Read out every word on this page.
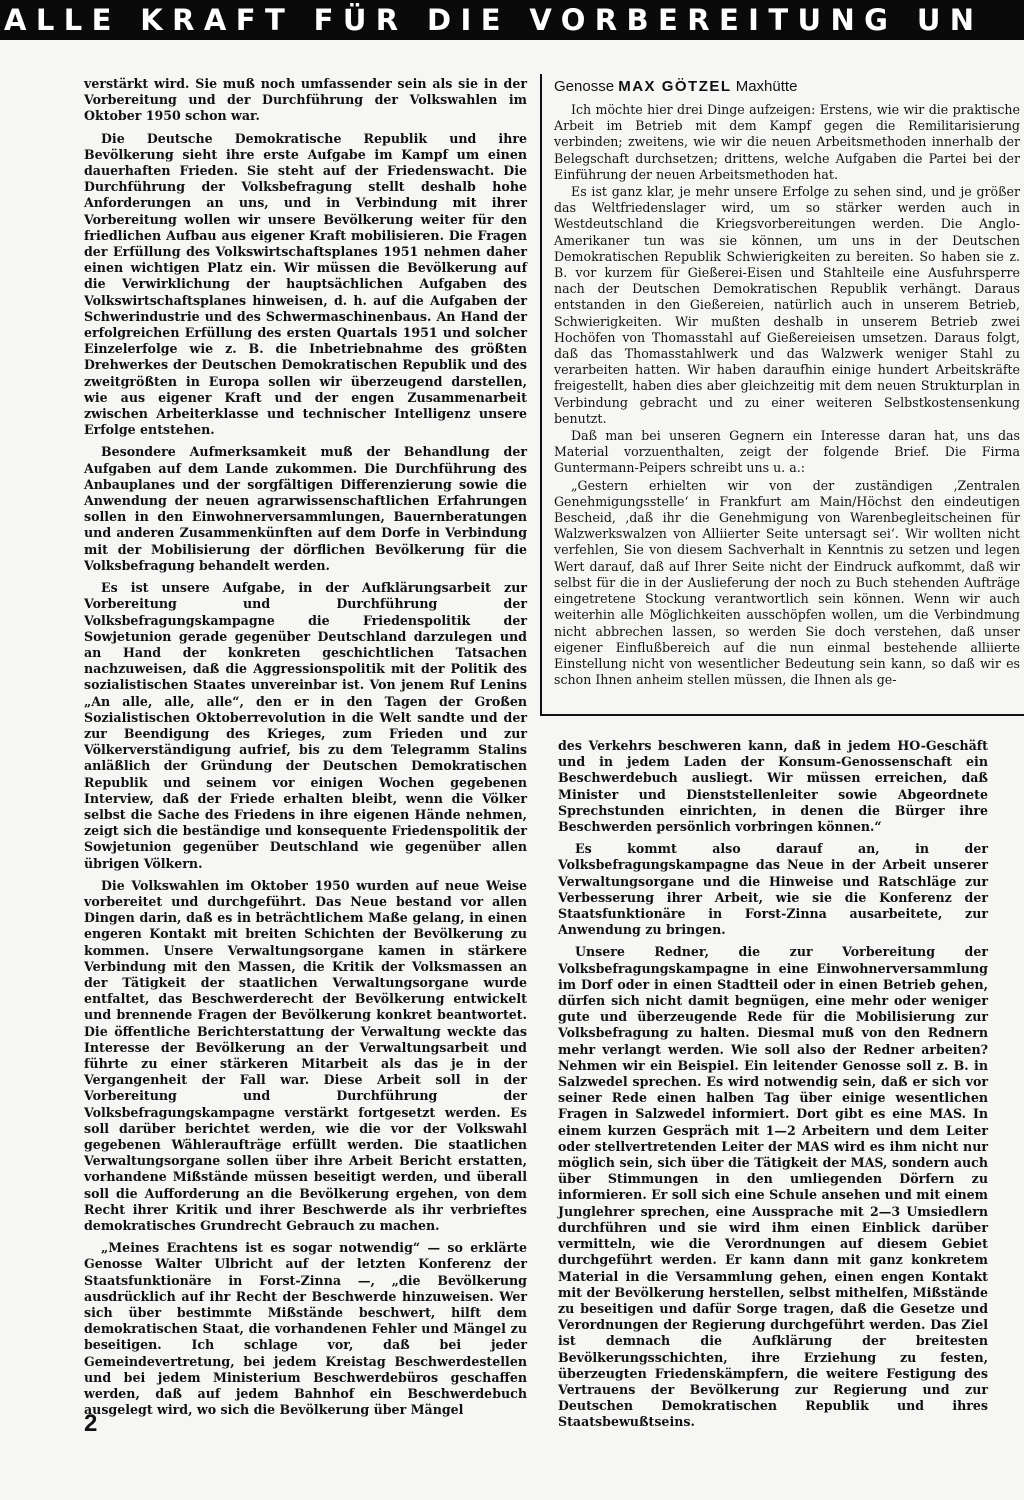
ALLE KRAFT FÜR DIE VORBEREITUNG UN

verstärkt wird. Sie muß noch umfassender sein als sie in der Vorbereitung und der Durchführung der Volkswahlen im Oktober 1950 schon war.

Die Deutsche Demokratische Republik und ihre Bevölkerung sieht ihre erste Aufgabe im Kampf um einen dauerhaften Frieden. Sie steht auf der Friedenswacht. Die Durchführung der Volksbefragung stellt deshalb hohe Anforderungen an uns, und in Verbindung mit ihrer Vorbereitung wollen wir unsere Bevölkerung weiter für den friedlichen Aufbau aus eigener Kraft mobilisieren. Die Fragen der Erfüllung des Volkswirtschaftsplanes 1951 nehmen daher einen wichtigen Platz ein. Wir müssen die Bevölkerung auf die Verwirklichung der hauptsächlichen Aufgaben des Volkswirtschaftsplanes hinweisen, d. h. auf die Aufgaben der Schwerindustrie und des Schwermaschinenbaus. An Hand der erfolgreichen Erfüllung des ersten Quartals 1951 und solcher Einzelerfolge wie z. B. die Inbetriebnahme des größten Drehwerkes der Deutschen Demokratischen Republik und des zweitgrößten in Europa sollen wir überzeugend darstellen, wie aus eigener Kraft und der engen Zusammenarbeit zwischen Arbeiterklasse und technischer Intelligenz unsere Erfolge entstehen.

Besondere Aufmerksamkeit muß der Behandlung der Aufgaben auf dem Lande zukommen. Die Durchführung des Anbauplanes und der sorgfältigen Differenzierung sowie die Anwendung der neuen agrarwissenschaftlichen Erfahrungen sollen in den Einwohnerversammlungen, Bauernberatungen und anderen Zusammenkünften auf dem Dorfe in Verbindung mit der Mobilisierung der dörflichen Bevölkerung für die Volksbefragung behandelt werden.

Es ist unsere Aufgabe, in der Aufklärungsarbeit zur Vorbereitung und Durchführung der Volksbefragungskampagne die Friedenspolitik der Sowjetunion gerade gegenüber Deutschland darzulegen und an Hand der konkreten geschichtlichen Tatsachen nachzuweisen, daß die Aggressionspolitik mit der Politik des sozialistischen Staates unvereinbar ist. Von jenem Ruf Lenins „An alle, alle, alle“, den er in den Tagen der Großen Sozialistischen Oktoberrevolution in die Welt sandte und der zur Beendigung des Krieges, zum Frieden und zur Völkerverständigung aufrief, bis zu dem Telegramm Stalins anläßlich der Gründung der Deutschen Demokratischen Republik und seinem vor einigen Wochen gegebenen Interview, daß der Friede erhalten bleibt, wenn die Völker selbst die Sache des Friedens in ihre eigenen Hände nehmen, zeigt sich die beständige und konsequente Friedenspolitik der Sowjetunion gegenüber Deutschland wie gegenüber allen übrigen Völkern.

Die Volkswahlen im Oktober 1950 wurden auf neue Weise vorbereitet und durchgeführt. Das Neue bestand vor allen Dingen darin, daß es in beträchtlichem Maße gelang, in einen engeren Kontakt mit breiten Schichten der Bevölkerung zu kommen. Unsere Verwaltungsorgane kamen in stärkere Verbindung mit den Massen, die Kritik der Volksmassen an der Tätigkeit der staatlichen Verwaltungsorgane wurde entfaltet, das Beschwerderecht der Bevölkerung entwickelt und brennende Fragen der Bevölkerung konkret beantwortet. Die öffentliche Berichterstattung der Verwaltung weckte das Interesse der Bevölkerung an der Verwaltungsarbeit und führte zu einer stärkeren Mitarbeit als das je in der Vergangenheit der Fall war. Diese Arbeit soll in der Vorbereitung und Durchführung der Volksbefragungskampagne verstärkt fortgesetzt werden. Es soll darüber berichtet werden, wie die vor der Volkswahl gegebenen Wähleraufträge erfüllt werden. Die staatlichen Verwaltungsorgane sollen über ihre Arbeit Bericht erstatten, vorhandene Mißstände müssen beseitigt werden, und überall soll die Aufforderung an die Bevölkerung ergehen, von dem Recht ihrer Kritik und ihrer Beschwerde als ihr verbrieftes demokratisches Grundrecht Gebrauch zu machen.

„Meines Erachtens ist es sogar notwendig“ — so erklärte Genosse Walter Ulbricht auf der letzten Konferenz der Staatsfunktionäre in Forst-Zinna —, „die Bevölkerung ausdrücklich auf ihr Recht der Beschwerde hinzuweisen. Wer sich über bestimmte Mißstände beschwert, hilft dem demokratischen Staat, die vorhandenen Fehler und Mängel zu beseitigen. Ich schlage vor, daß bei jeder Gemeindevertretung, bei jedem Kreistag Beschwerdestellen und bei jedem Ministerium Beschwerdebüros geschaffen werden, daß auf jedem Bahnhof ein Beschwerdebuch ausgelegt wird, wo sich die Bevölkerung über Mängel

Genosse MAX GÖTZEL Maxhütte

Ich möchte hier drei Dinge aufzeigen: Erstens, wie wir die praktische Arbeit im Betrieb mit dem Kampf gegen die Remilitarisierung verbinden; zweitens, wie wir die neuen Arbeitsmethoden innerhalb der Belegschaft durchsetzen; drittens, welche Aufgaben die Partei bei der Einführung der neuen Arbeitsmethoden hat.

Es ist ganz klar, je mehr unsere Erfolge zu sehen sind, und je größer das Weltfriedenslager wird, um so stärker werden auch in Westdeutschland die Kriegsvorbereitungen werden. Die Anglo-Amerikaner tun was sie können, um uns in der Deutschen Demokratischen Republik Schwierigkeiten zu bereiten. So haben sie z. B. vor kurzem für Gießerei-Eisen und Stahlteile eine Ausfuhrsperre nach der Deutschen Demokratischen Republik verhängt. Daraus entstanden in den Gießereien, natürlich auch in unserem Betrieb, Schwierigkeiten. Wir mußten deshalb in unserem Betrieb zwei Hochöfen von Thomasstahl auf Gießereieisen umsetzen. Daraus folgt, daß das Thomasstahlwerk und das Walzwerk weniger Stahl zu verarbeiten hatten. Wir haben daraufhin einige hundert Arbeitskräfte freigestellt, haben dies aber gleichzeitig mit dem neuen Strukturplan in Verbindung gebracht und zu einer weiteren Selbstkostensenkung benutzt.

Daß man bei unseren Gegnern ein Interesse daran hat, uns das Material vorzuenthalten, zeigt der folgende Brief. Die Firma Guntermann-Peipers schreibt uns u. a.:

„Gestern erhielten wir von der zuständigen ‚Zentralen Genehmigungsstelle‘ in Frankfurt am Main/Höchst den eindeutigen Bescheid, ‚daß ihr die Genehmigung von Warenbegleitscheinen für Walzwerkswalzen von Alliierter Seite untersagt sei‘. Wir wollten nicht verfehlen, Sie von diesem Sachverhalt in Kenntnis zu setzen und legen Wert darauf, daß auf Ihrer Seite nicht der Eindruck aufkommt, daß wir selbst für die in der Auslieferung der noch zu Buch stehenden Aufträge eingetretene Stockung verantwortlich sein können. Wenn wir auch weiterhin alle Möglichkeiten ausschöpfen wollen, um die Verbindmung nicht abbrechen lassen, so werden Sie doch verstehen, daß unser eigener Einflußbereich auf die nun einmal bestehende alliierte Einstellung nicht von wesentlicher Bedeutung sein kann, so daß wir es schon Ihnen anheim stellen müssen, die Ihnen als ge-

des Verkehrs beschweren kann, daß in jedem HO-Geschäft und in jedem Laden der Konsum-Genossenschaft ein Beschwerdebuch ausliegt. Wir müssen erreichen, daß Minister und Dienststellenleiter sowie Abgeordnete Sprechstunden einrichten, in denen die Bürger ihre Beschwerden persönlich vorbringen können.“

Es kommt also darauf an, in der Volksbefragungskampagne das Neue in der Arbeit unserer Verwaltungsorgane und die Hinweise und Ratschläge zur Verbesserung ihrer Arbeit, wie sie die Konferenz der Staatsfunktionäre in Forst-Zinna ausarbeitete, zur Anwendung zu bringen.

Unsere Redner, die zur Vorbereitung der Volksbefragungskampagne in eine Einwohnerversammlung im Dorf oder in einen Stadtteil oder in einen Betrieb gehen, dürfen sich nicht damit begnügen, eine mehr oder weniger gute und überzeugende Rede für die Mobilisierung zur Volksbefragung zu halten. Diesmal muß von den Rednern mehr verlangt werden. Wie soll also der Redner arbeiten? Nehmen wir ein Beispiel. Ein leitender Genosse soll z. B. in Salzwedel sprechen. Es wird notwendig sein, daß er sich vor seiner Rede einen halben Tag über einige wesentlichen Fragen in Salzwedel informiert. Dort gibt es eine MAS. In einem kurzen Gespräch mit 1—2 Arbeitern und dem Leiter oder stellvertretenden Leiter der MAS wird es ihm nicht nur möglich sein, sich über die Tätigkeit der MAS, sondern auch über Stimmungen in den umliegenden Dörfern zu informieren. Er soll sich eine Schule ansehen und mit einem Junglehrer sprechen, eine Aussprache mit 2—3 Umsiedlern durchführen und sie wird ihm einen Einblick darüber vermitteln, wie die Verordnungen auf diesem Gebiet durchgeführt werden. Er kann dann mit ganz konkretem Material in die Versammlung gehen, einen engen Kontakt mit der Bevölkerung herstellen, selbst mithelfen, Mißstände zu beseitigen und dafür Sorge tragen, daß die Gesetze und Verordnungen der Regierung durchgeführt werden. Das Ziel ist demnach die Aufklärung der breitesten Bevölkerungsschichten, ihre Erziehung zu festen, überzeugten Friedenskämpfern, die weitere Festigung des Vertrauens der Bevölkerung zur Regierung und zur Deutschen Demokratischen Republik und ihres Staatsbewußtseins.

2
